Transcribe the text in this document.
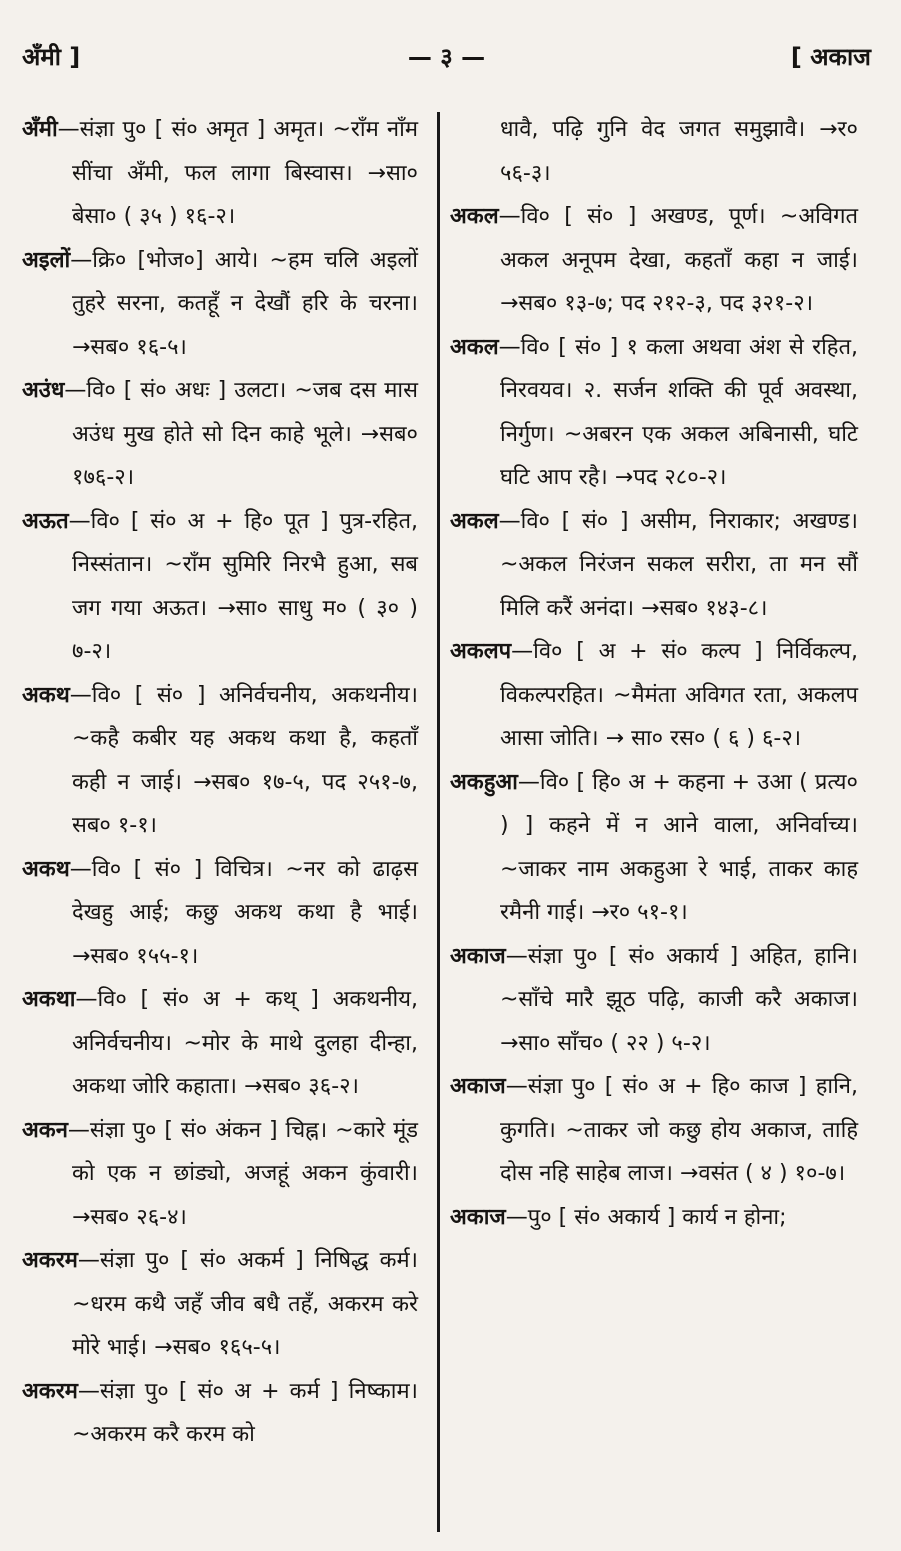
अँमी ]	— ३ —	[ अकाज

अँमी—संज्ञा पु० [ सं० अमृत ] अमृत। ~राँम नाँम सींचा अँमी, फल लागा बिस्वास। →सा० बेसा० ( ३५ ) १६-२।

अइलों—क्रि० [भोज०] आये। ~हम चलि अइलों तुहरे सरना, कतहूँ न देखौं हरि के चरना। →सब० १६-५।

अउंध—वि० [ सं० अधः ] उलटा। ~जब दस मास अउंध मुख होते सो दिन काहे भूले। →सब० १७६-२।

अऊत—वि० [ सं० अ + हि० पूत ] पुत्र-रहित, निस्संतान। ~राँम सुमिरि निरभै हुआ, सब जग गया अऊत। →सा० साधु म० ( ३० ) ७-२।

अकथ—वि० [ सं० ] अनिर्वचनीय, अकथनीय। ~कहै कबीर यह अकथ कथा है, कहताँ कही न जाई। →सब० १७-५, पद २५१-७, सब० १-१।

अकथ—वि० [ सं० ] विचित्र। ~नर को ढाढ़स देखहु आई; कछु अकथ कथा है भाई। →सब० १५५-१।

अकथा—वि० [ सं० अ + कथ् ] अकथनीय, अनिर्वचनीय। ~मोर के माथे दुलहा दीन्हा, अकथा जोरि कहाता। →सब० ३६-२।

अकन—संज्ञा पु० [ सं० अंकन ] चिह्न। ~कारे मूंड को एक न छांड्यो, अजहूं अकन कुंवारी। →सब० २६-४।

अकरम—संज्ञा पु० [ सं० अकर्म ] निषिद्ध कर्म। ~धरम कथै जहँ जीव बधै तहँ, अकरम करे मोरे भाई। →सब० १६५-५।

अकरम—संज्ञा पु० [ सं० अ + कर्म ] निष्काम। ~अकरम करै करम को

धावै, पढ़ि गुनि वेद जगत समुझावै। →र० ५६-३।

अकल—वि० [ सं० ] अखण्ड, पूर्ण। ~अविगत अकल अनूपम देखा, कहताँ कहा न जाई। →सब० १३-७; पद २१२-३, पद ३२१-२।

अकल—वि० [ सं० ] १ कला अथवा अंश से रहित, निरवयव। २. सर्जन शक्ति की पूर्व अवस्था, निर्गुण। ~अबरन एक अकल अबिनासी, घटि घटि आप रहै। →पद २८०-२।

अकल—वि० [ सं० ] असीम, निराकार; अखण्ड। ~अकल निरंजन सकल सरीरा, ता मन सौं मिलि करैं अनंदा। →सब० १४३-८।

अकलप—वि० [ अ + सं० कल्प ] निर्विकल्प, विकल्परहित। ~मैमंता अविगत रता, अकलप आसा जोति। → सा० रस० ( ६ ) ६-२।

अकहुआ—वि० [ हि० अ + कहना + उआ ( प्रत्य० ) ] कहने में न आने वाला, अनिर्वाच्य। ~जाकर नाम अकहुआ रे भाई, ताकर काह रमैनी गाई। →र० ५१-१।

अकाज—संज्ञा पु० [ सं० अकार्य ] अहित, हानि। ~साँचे मारै झूठ पढ़ि, काजी करै अकाज। →सा० साँच० ( २२ ) ५-२।

अकाज—संज्ञा पु० [ सं० अ + हि० काज ] हानि, कुगति। ~ताकर जो कछु होय अकाज, ताहि दोस नहि साहेब लाज। →वसंत ( ४ ) १०-७।

अकाज—पु० [ सं० अकार्य ] कार्य न होना;
